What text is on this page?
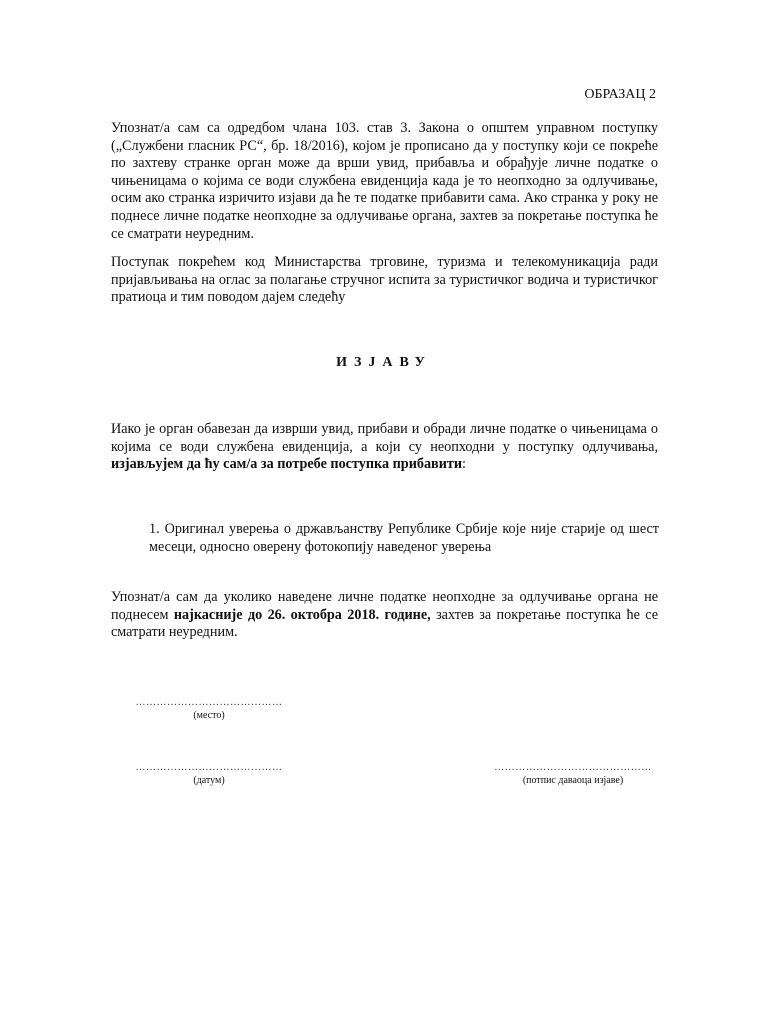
ОБРАЗАЦ 2
Упознат/а сам са одредбом члана 103. став 3. Закона о општем управном поступку („Службени гласник РС“, бр. 18/2016), којом је прописано да у поступку који се покреће по захтеву странке орган може да врши увид, прибавља и обрађује личне податке о чињеницама о којима се води службена евиденција када је то неопходно за одлучивање, осим ако странка изричито изјави да ће те податке прибавити сама. Ако странка у року не поднесе личне податке неопходне за одлучивање органа, захтев за покретање поступка ће се сматрати неуредним.
Поступак покрећем код Министарства трговине, туризма и телекомуникација ради пријављивања на оглас за полагање стручног испита за туристичког водича и туристичког пратиоца и тим поводом дајем следећу
ИЗЈАВУ
Иако је орган обавезан да изврши увид, прибави и обради личне податке о чињеницама о којима се води службена евиденција, а који су неопходни у поступку одлучивања, изјављујем да ћу сам/а за потребе поступка прибавити:
1. Оригинал уверења о држављанству Републике Србије које није старије од шест месеци, односно оверену фотокопију наведеног уверења
Упознат/а сам да уколико наведене личне податке неопходне за одлучивање органа не поднесем најкасније до 26. октобра 2018. године, захтев за покретање поступка ће се сматрати неуредним.
……………………………………
(место)
……………………………………
(датум)
………………………………………
(потпис даваоца изјаве)
